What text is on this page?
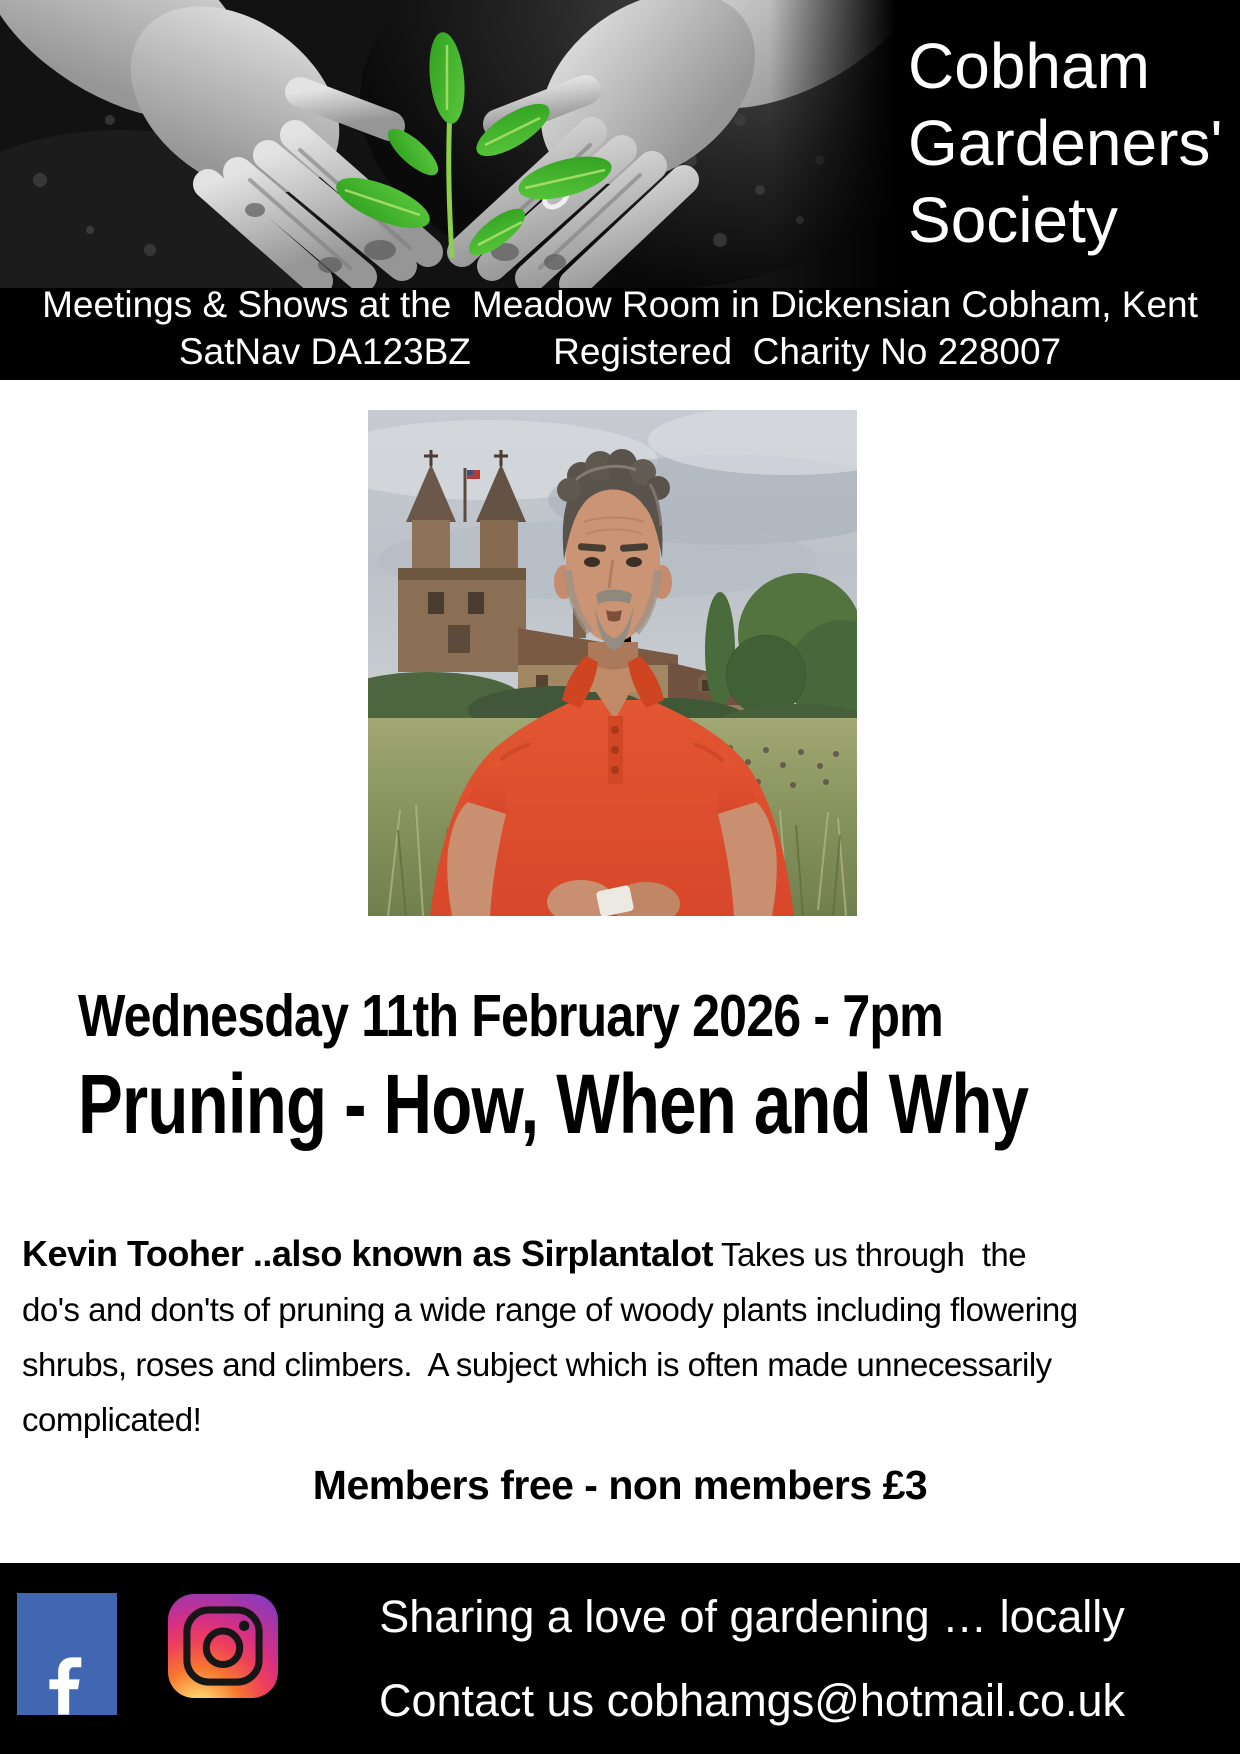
Cobham
Gardeners'
Society
Meetings & Shows at the  Meadow Room in Dickensian Cobham, Kent
SatNav DA123BZ        Registered  Charity No 228007
Wednesday 11th February 2026 - 7pm
Pruning - How, When and Why
Kevin Tooher ..also known as Sirplantalot Takes us through  the
do's and don'ts of pruning a wide range of woody plants including flowering
shrubs, roses and climbers.  A subject which is often made unnecessarily
complicated!
Members free - non members £3
Sharing a love of gardening … locally
Contact us cobhamgs@hotmail.co.uk
